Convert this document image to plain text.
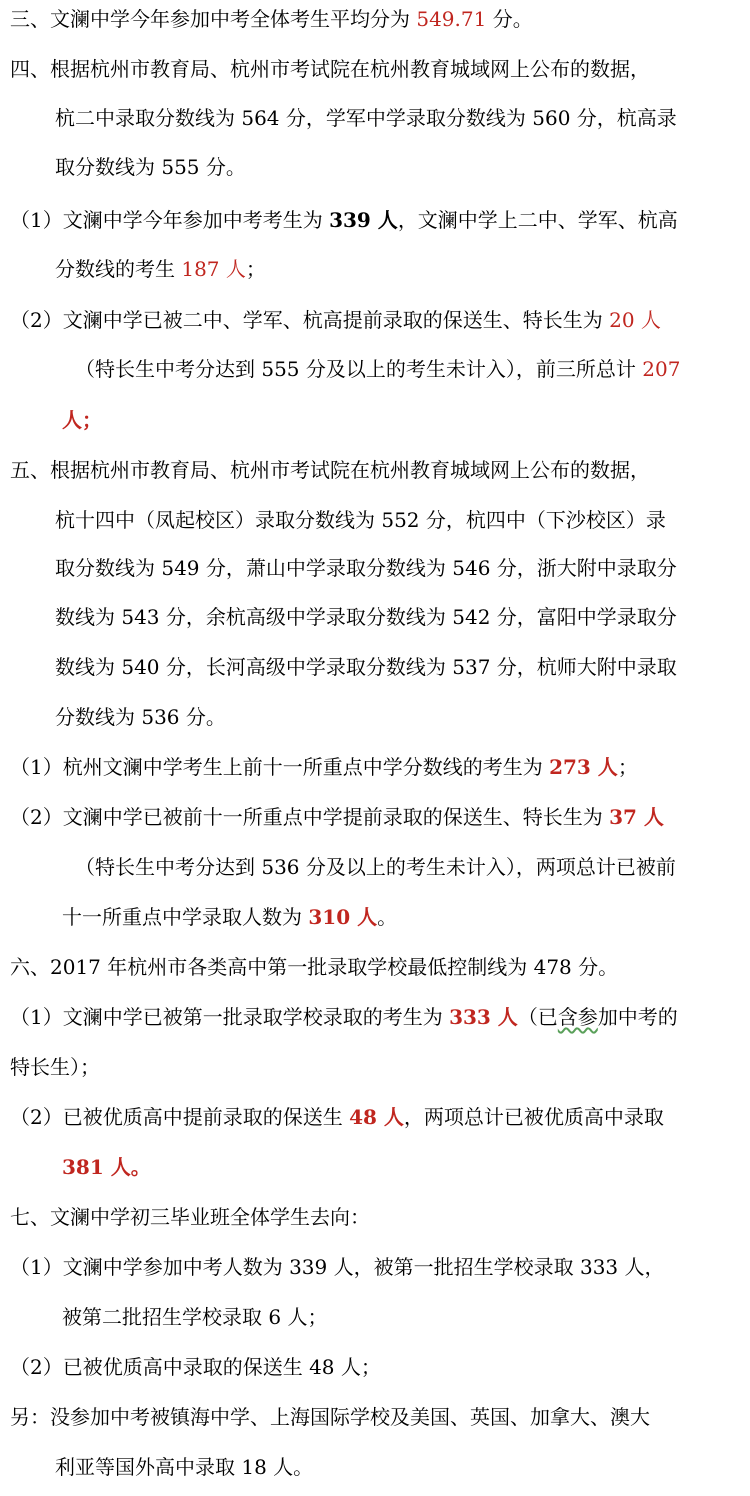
三、文澜中学今年参加中考全体考生平均分为 549.71 分。
四、根据杭州市教育局、杭州市考试院在杭州教育城域网上公布的数据，
杭二中录取分数线为 564 分，学军中学录取分数线为 560 分，杭高录
取分数线为 555 分。
（1）文澜中学今年参加中考考生为 339 人，文澜中学上二中、学军、杭高
分数线的考生 187 人；
（2）文澜中学已被二中、学军、杭高提前录取的保送生、特长生为 20 人
（特长生中考分达到 555 分及以上的考生未计入），前三所总计 207
人；
五、根据杭州市教育局、杭州市考试院在杭州教育城域网上公布的数据，
杭十四中（凤起校区）录取分数线为 552 分，杭四中（下沙校区）录
取分数线为 549 分，萧山中学录取分数线为 546 分，浙大附中录取分
数线为 543 分，余杭高级中学录取分数线为 542 分，富阳中学录取分
数线为 540 分，长河高级中学录取分数线为 537 分，杭师大附中录取
分数线为 536 分。
（1）杭州文澜中学考生上前十一所重点中学分数线的考生为 273 人；
（2）文澜中学已被前十一所重点中学提前录取的保送生、特长生为 37 人
（特长生中考分达到 536 分及以上的考生未计入），两项总计已被前
十一所重点中学录取人数为 310 人。
六、2017 年杭州市各类高中第一批录取学校最低控制线为 478 分。
（1）文澜中学已被第一批录取学校录取的考生为 333 人（已含参加中考的
特长生）；
（2）已被优质高中提前录取的保送生 48 人，两项总计已被优质高中录取
381 人。
七、文澜中学初三毕业班全体学生去向：
（1）文澜中学参加中考人数为 339 人，被第一批招生学校录取 333 人，
被第二批招生学校录取 6 人；
（2）已被优质高中录取的保送生 48 人；
另：没参加中考被镇海中学、上海国际学校及美国、英国、加拿大、澳大
利亚等国外高中录取 18 人。
